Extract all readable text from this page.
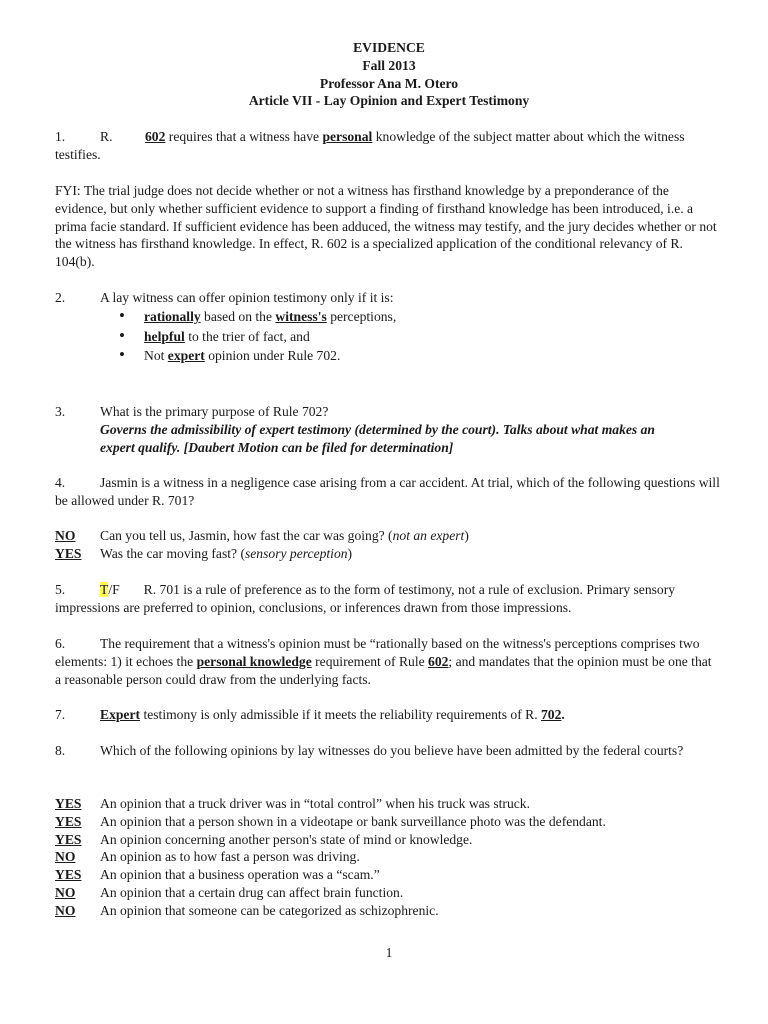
EVIDENCE
Fall 2013
Professor Ana M. Otero
Article VII - Lay Opinion and Expert Testimony

1.	R. 602 requires that a witness have personal knowledge of the subject matter about which the witness testifies.

FYI: The trial judge does not decide whether or not a witness has firsthand knowledge by a preponderance of the evidence, but only whether sufficient evidence to support a finding of firsthand knowledge has been introduced, i.e. a prima facie standard. If sufficient evidence has been adduced, the witness may testify, and the jury decides whether or not the witness has firsthand knowledge. In effect, R. 602 is a specialized application of the conditional relevancy of R. 104(b).

2.	A lay witness can offer opinion testimony only if it is:
• rationally based on the witness's perceptions,
• helpful to the trier of fact, and
• Not expert opinion under Rule 702.
3.	What is the primary purpose of Rule 702?
Governs the admissibility of expert testimony (determined by the court). Talks about what makes an
expert qualify. [Daubert Motion can be filed for determination]

4.	Jasmin is a witness in a negligence case arising from a car accident. At trial, which of the following questions will be allowed under R. 701?

NO Can you tell us, Jasmin, how fast the car was going? (not an expert)
YES Was the car moving fast? (sensory perception)

5.	T/F R. 701 is a rule of preference as to the form of testimony, not a rule of exclusion. Primary sensory impressions are preferred to opinion, conclusions, or inferences drawn from those impressions.

6.	The requirement that a witness's opinion must be “rationally based on the witness's perceptions comprises two elements: 1) it echoes the personal knowledge requirement of Rule 602; and mandates that the opinion must be one that a reasonable person could draw from the underlying facts.

7.	Expert testimony is only admissible if it meets the reliability requirements of R. 702.

8.	Which of the following opinions by lay witnesses do you believe have been admitted by the federal courts?

YES An opinion that a truck driver was in “total control” when his truck was struck.
YES An opinion that a person shown in a videotape or bank surveillance photo was the defendant.
YES An opinion concerning another person's state of mind or knowledge.
NO An opinion as to how fast a person was driving.
YES An opinion that a business operation was a “scam.”
NO An opinion that a certain drug can affect brain function.
NO An opinion that someone can be categorized as schizophrenic.
1
